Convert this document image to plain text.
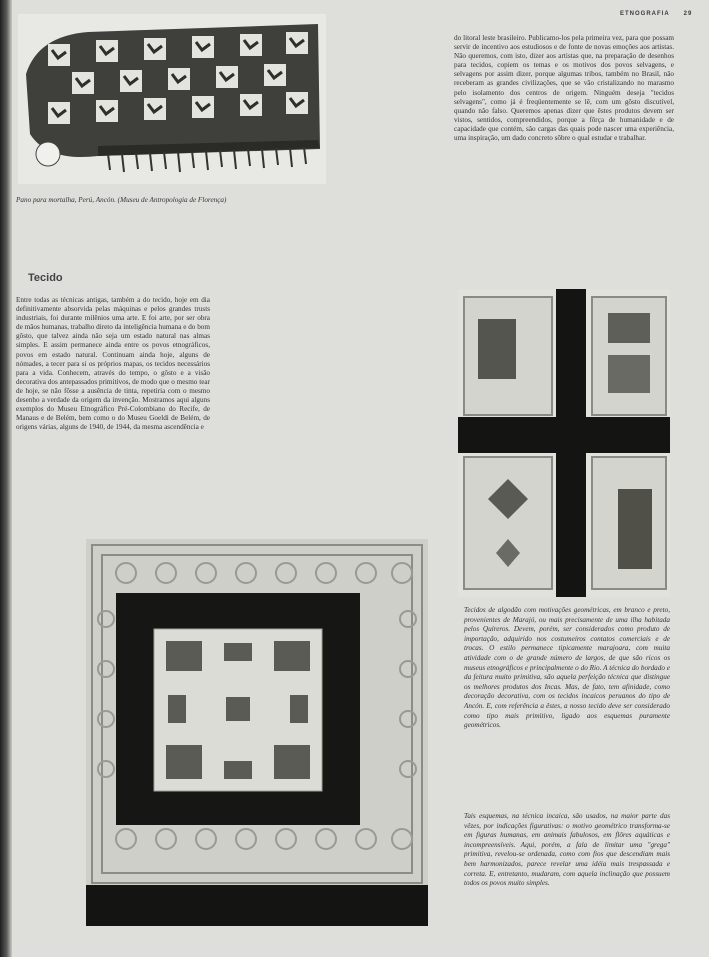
ETNOGRAFIA 29

Pano para mortalha, Perú, Ancón. (Museu de Antropologia de Florença)

do litoral leste brasileiro. Publicamo-los pela primeira vez, para que possam servir de incentivo aos estudiosos e de fonte de novas emoções aos artistas. Não queremos, com isto, dizer aos artistas que, na preparação de desenhos para tecidos, copiem os temas e os motivos dos povos selvagens, e selvagens por assim dizer, porque algumas tribos, também no Brasil, não receberam as grandes civilizações, que se vão cristalizando no marasmo pelo isolamento dos centros de origem. Ninguém deseja "tecidos selvagens", como já é freqüentemente se lê, com um gôsto discutível, quando não falso. Queremos apenas dizer que êstes produtos devem ser vistos, sentidos, compreendidos, porque a fôrça de humanidade e de capacidade que contém, são cargas das quais pode nascer uma experiência, uma inspiração, um dado concreto sôbre o qual estudar e trabalhar.

Tecido

Entre todas as técnicas antigas, também a do tecido, hoje em dia definitivamente absorvida pelas máquinas e pelos grandes trusts industriais, foi durante milênios uma arte. E foi arte, por ser obra de mãos humanas, trabalho direto da inteligência humana e do bom gôsto, que talvez ainda não seja um estado natural nas almas simples. E assim permanece ainda entre os povos etnográficos, povos em estado natural. Continuam ainda hoje, alguns de nómades, a tecer para si os próprios mapas, os tecidos necessários para a vida. Conhecem, através do tempo, o gôsto e a visão decorativa dos antepassados primitivos, de modo que o mesmo tear de hoje, se não fôsse a ausência de tinta, repetiria com o mesmo desenho a verdade da origem da invenção. Mostramos aqui alguns exemplos do Museu Etnográfico Pré-Colombiano do Recife, de Manaus e de Belém, bem como o do Museu Goeldi de Belém, de origens várias, alguns de 1940, de 1944, da mesma ascendência e

Tecidos de algodão com motivações geométricas, em branco e preto, provenientes de Marajó, ou mais precisamente de uma ilha habitada pelos Quíreros. Devem, porém, ser considerados como produto de importação, adquirido nos costumeiros contatos comerciais e de trocas. O estilo permanece tipicamente marajoara, com muita atividade com o de grande número de largos, de que são ricos os museus etnográficos e principalmente o do Rio. A técnica do bordado e da feitura muito primitiva, são aquela perfeição técnica que distingue os melhores produtos dos Incas. Mas, de fato, tem afinidade, como decoração decorativa, com os tecidos incaicos peruanos do tipo de Ancón. E, com referência a êstes, a nosso tecido deve ser considerado como tipo mais primitivo, ligado aos esquemas puramente geométricos.

Tais esquemas, na técnica incaica, são usados, na maior parte das vêzes, por indicações figurativas: o motivo geométrico transforma-se em figuras humanas, em animais fabulosos, em flôres aquáticas e incompreensíveis. Aqui, porém, a fala de limitar uma "grega" primitiva, revelou-se ordenada, como com fios que descendiam mais bem harmonizados, parece revelar uma idéia mais trespassada e correta. E, entretanto, mudaram, com aquela inclinação que possuem todos os povos muito simples.
